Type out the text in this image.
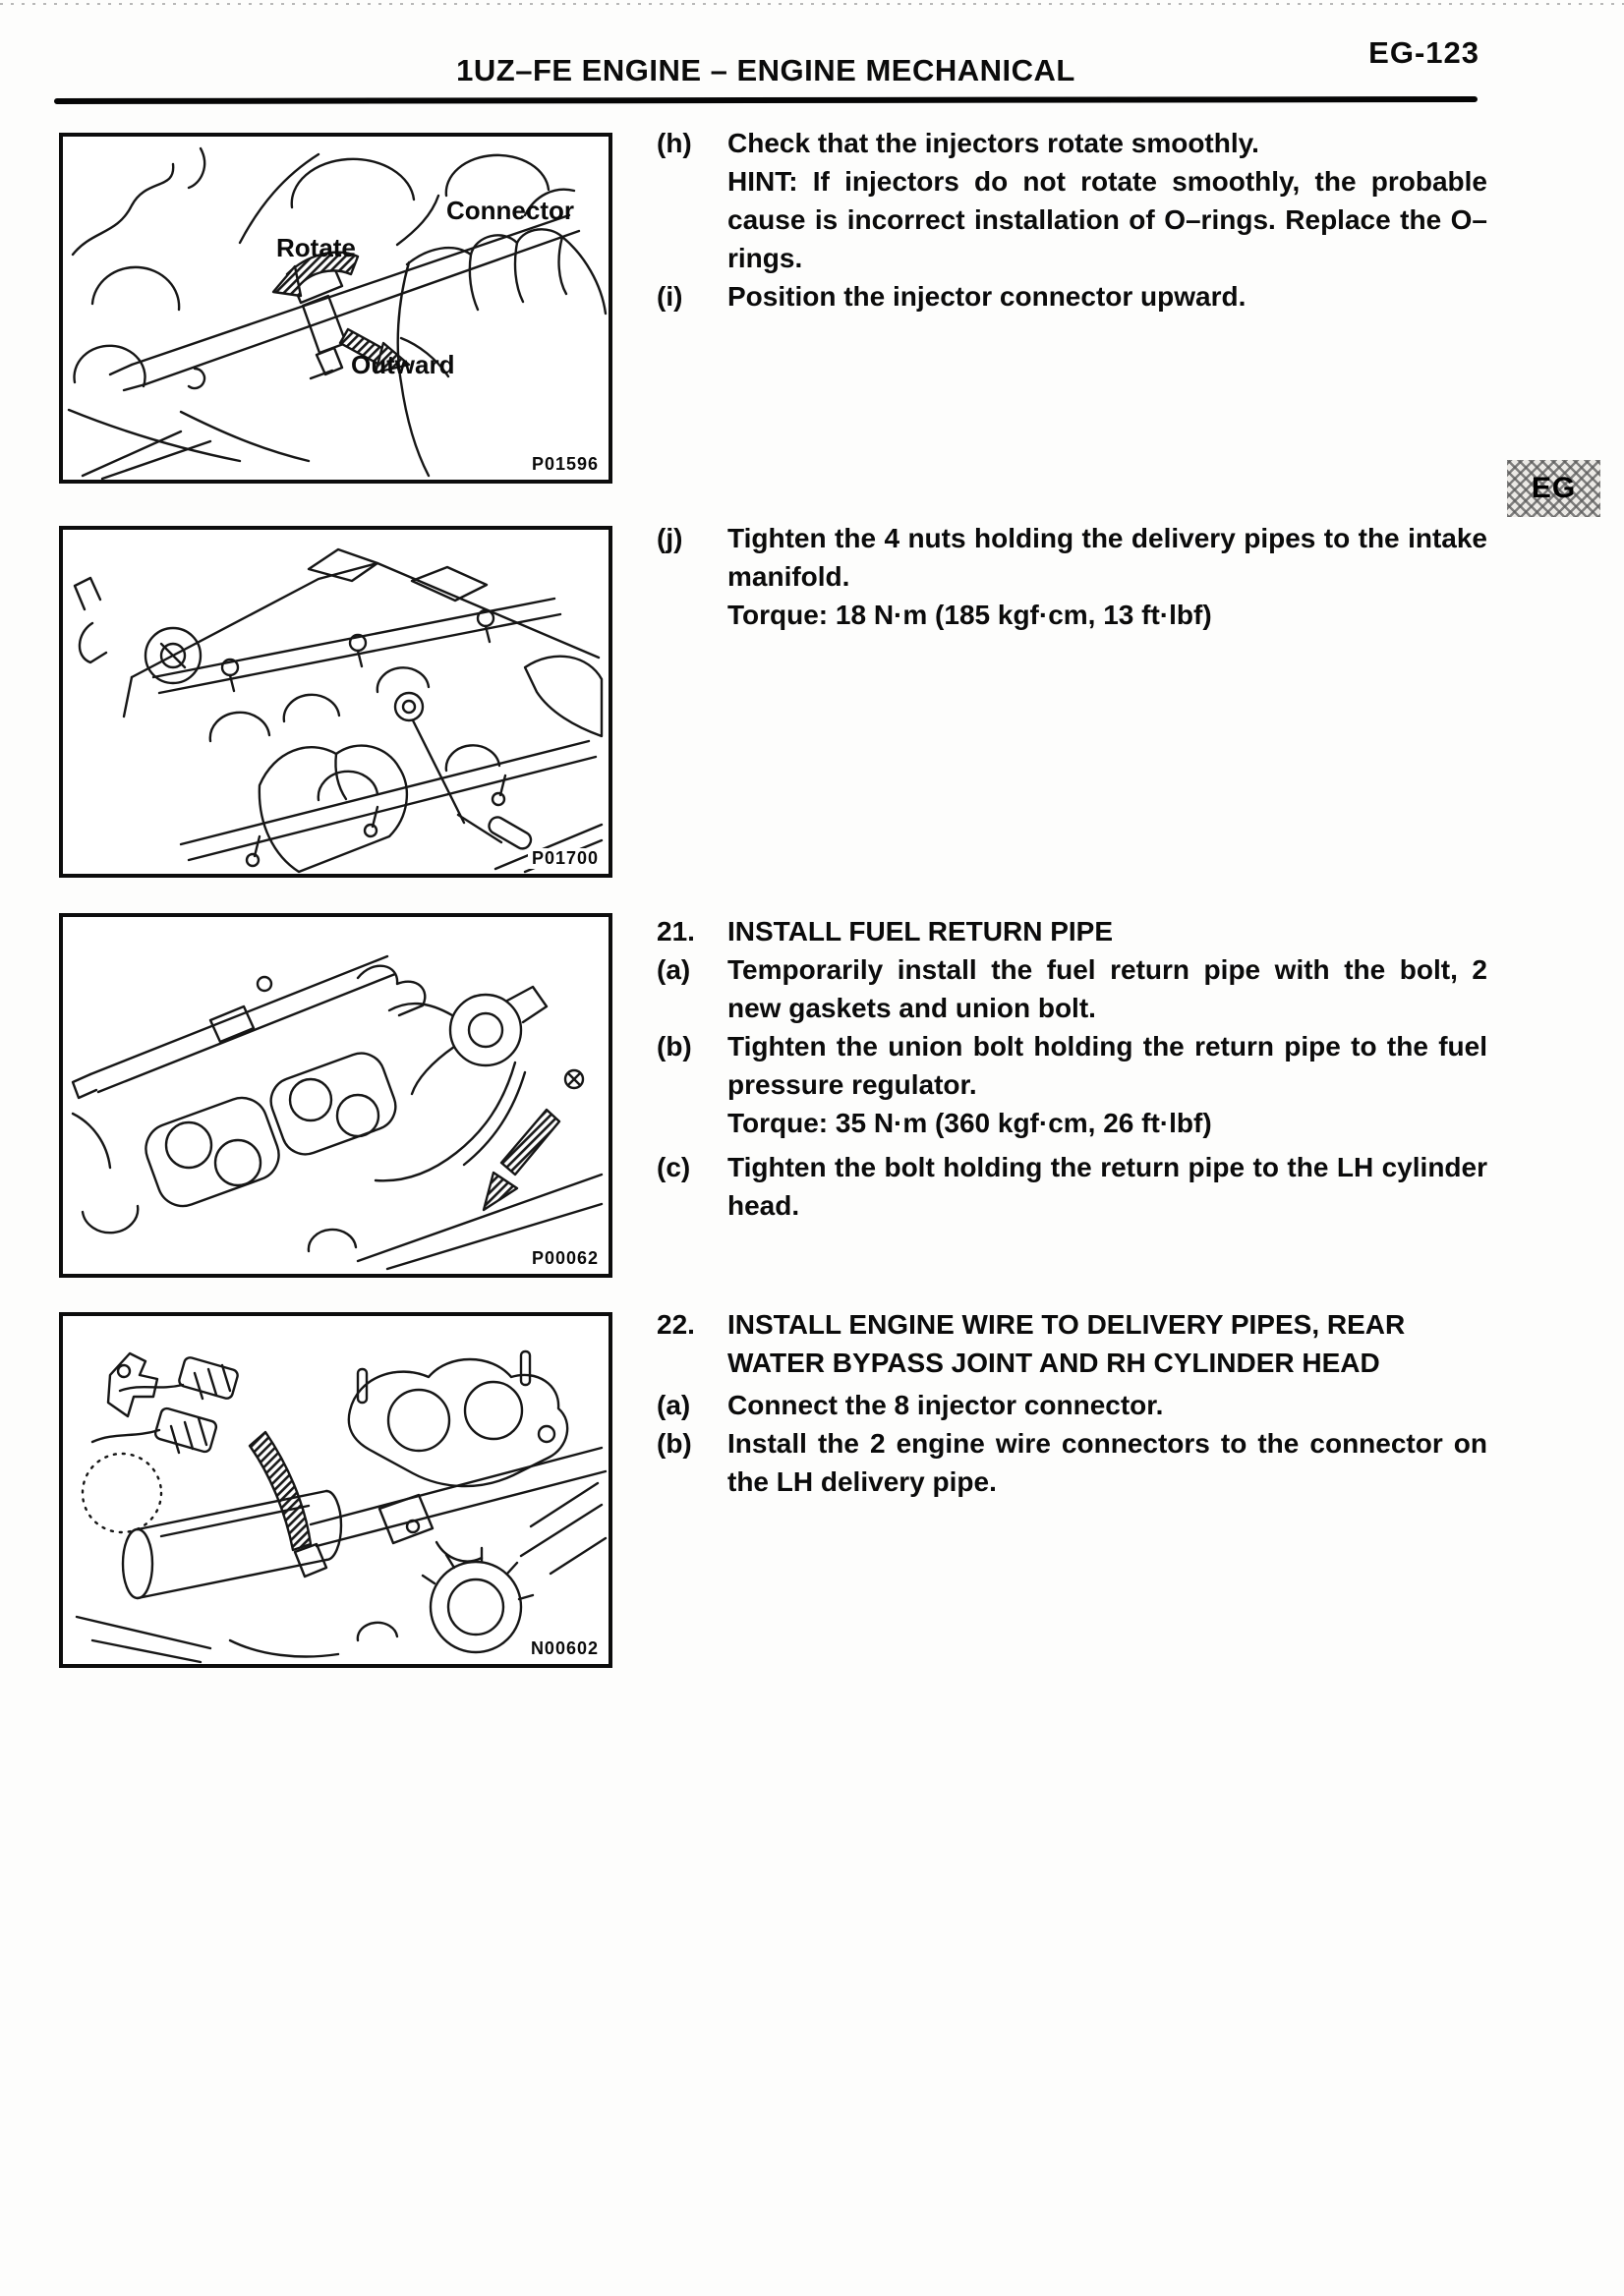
EG-123
1UZ–FE ENGINE – ENGINE MECHANICAL
EG
Connector
Rotate
Outward
P01596
P01700
P00062
N00602
(h)	Check that the injectors rotate smoothly.

HINT: If injectors do not rotate smoothly, the probable cause is incorrect installation of O–rings. Replace the O–rings.

(i)	Position the injector connector upward.

(j)	Tighten the 4 nuts holding the delivery pipes to the intake manifold.

Torque: 18 N·m (185 kgf·cm, 13 ft·lbf)

21.	INSTALL FUEL RETURN PIPE
(a)	Temporarily install the fuel return pipe with the bolt, 2 new gaskets and union bolt.

(b)	Tighten the union bolt holding the return pipe to the fuel pressure regulator.

Torque: 35 N·m (360 kgf·cm, 26 ft·lbf)

(c)	Tighten the bolt holding the return pipe to the LH cylinder head.

22.	INSTALL ENGINE WIRE TO DELIVERY PIPES, REAR WATER BYPASS JOINT AND RH CYLINDER HEAD
(a)	Connect the 8 injector connector.

(b)	Install the 2 engine wire connectors to the connector on the LH delivery pipe.
